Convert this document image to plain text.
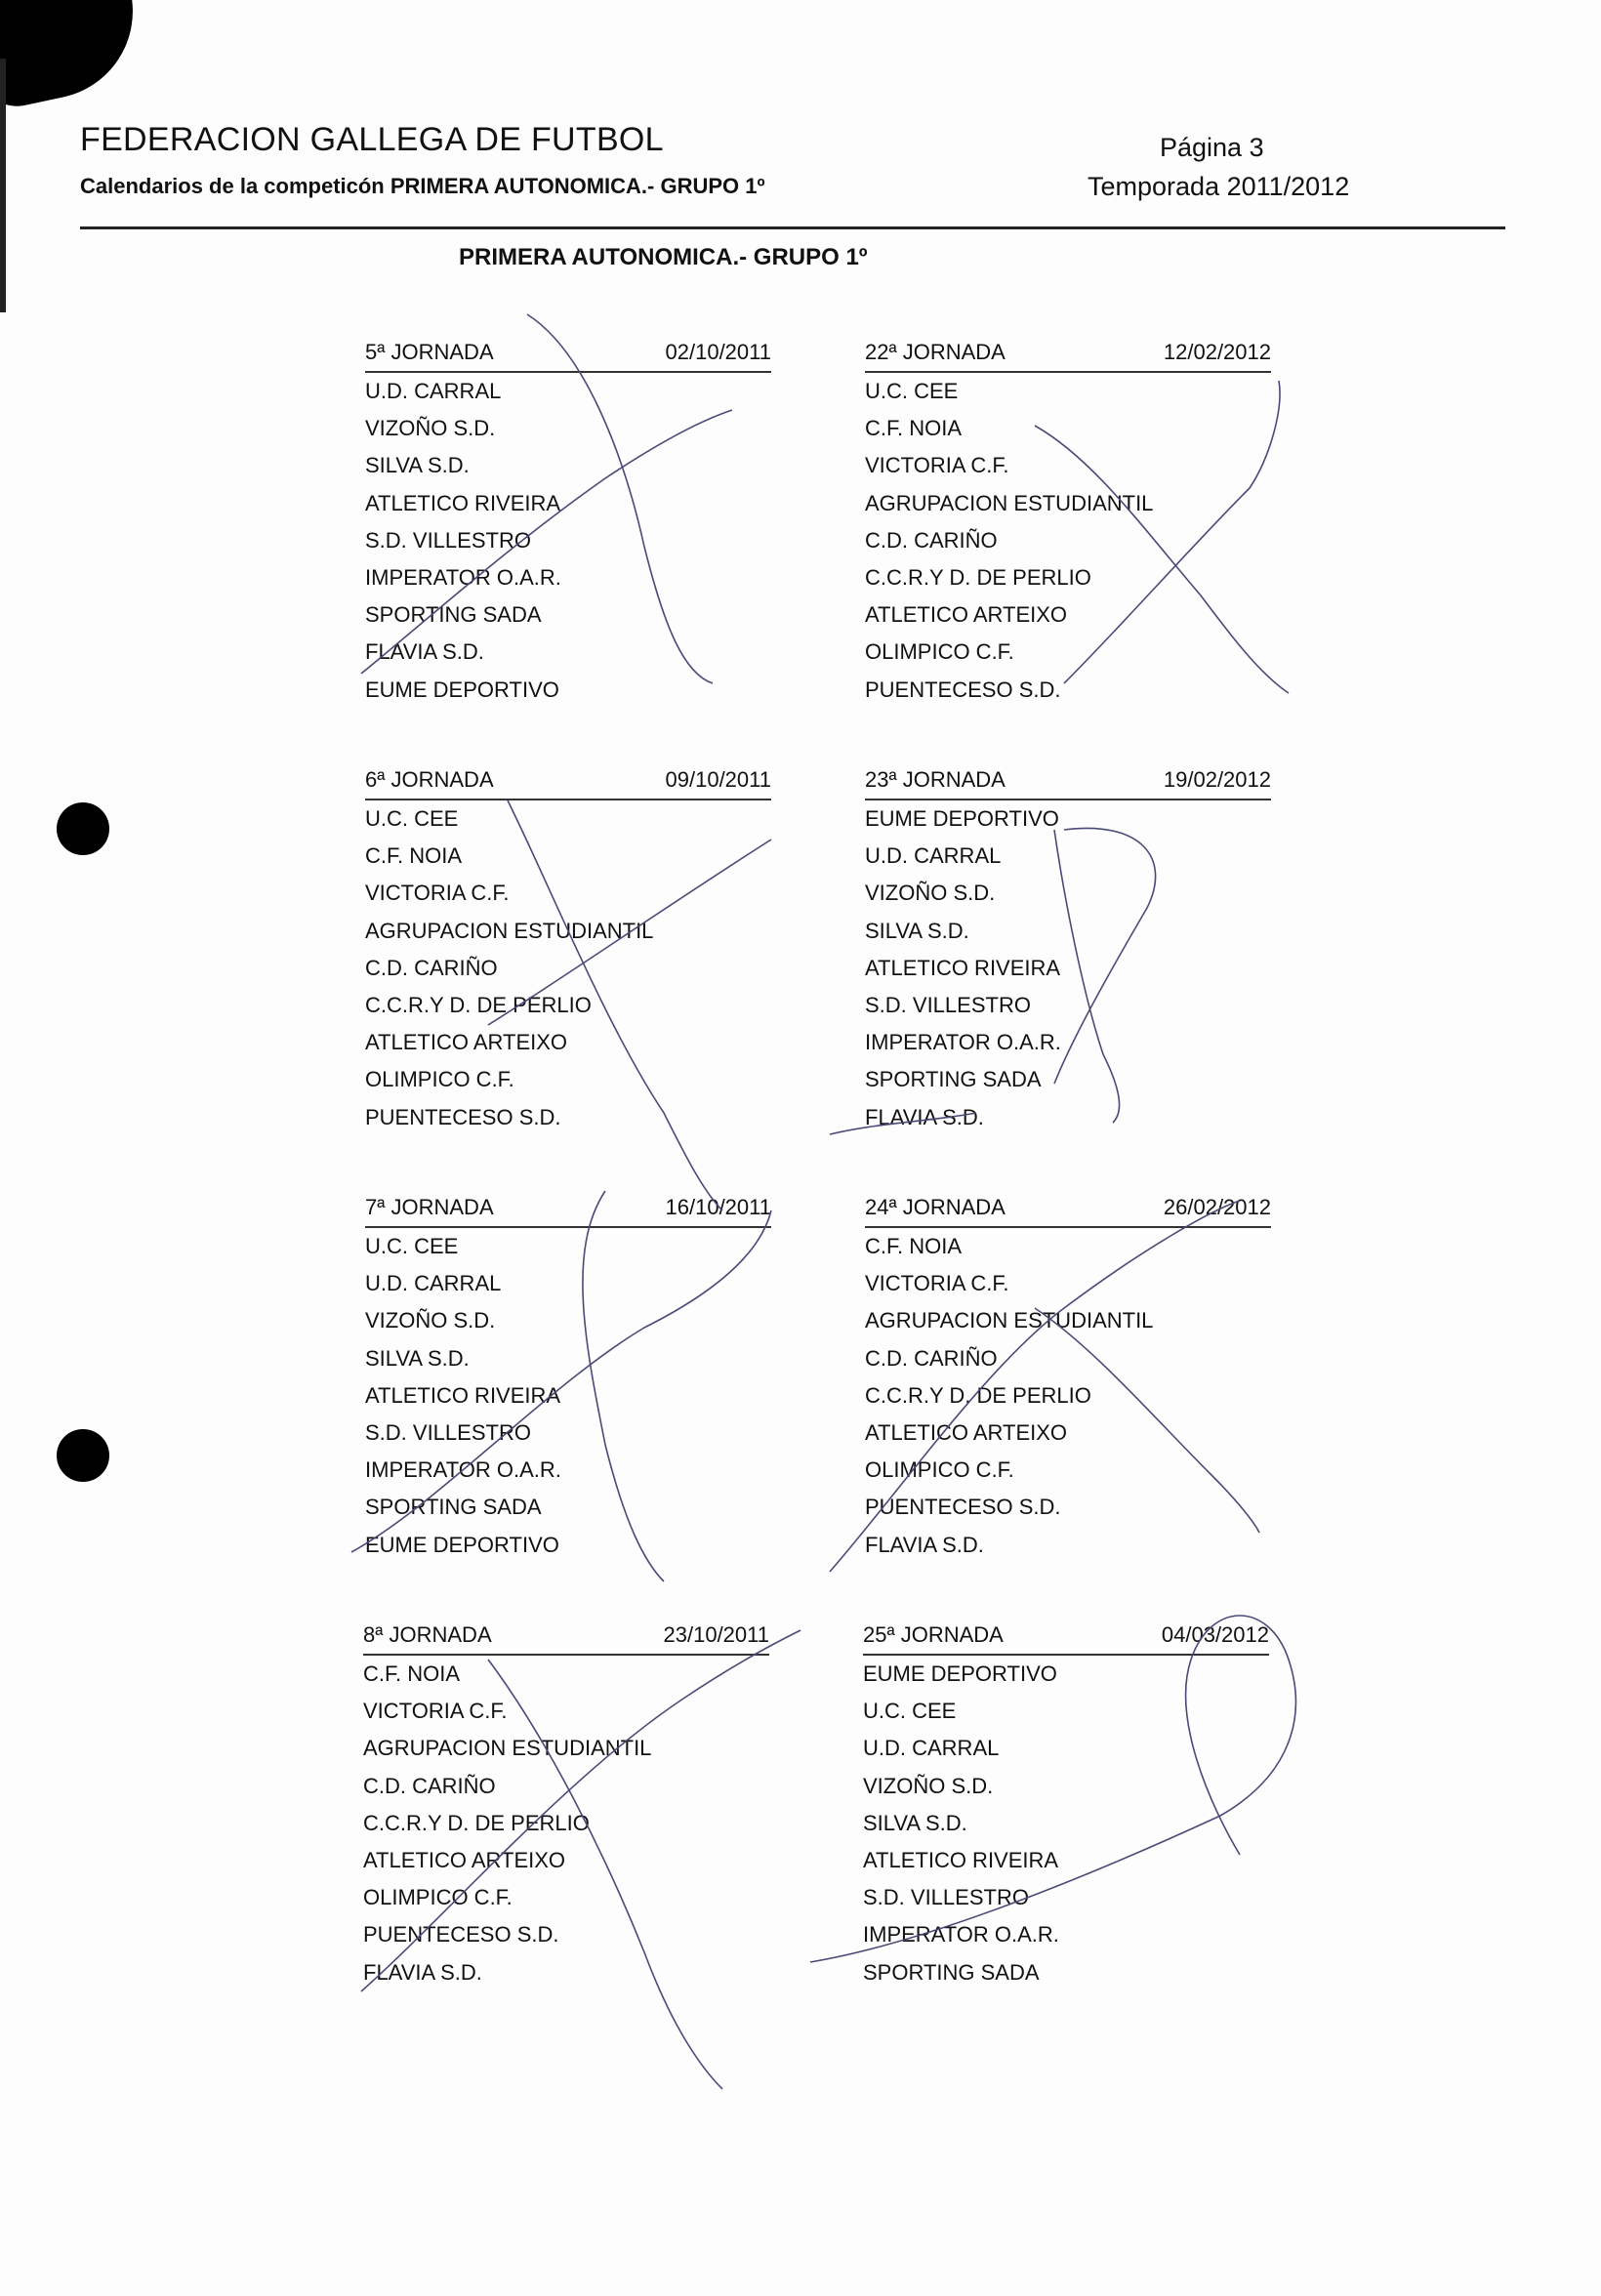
FEDERACION GALLEGA DE FUTBOL
Calendarios de la competicón PRIMERA AUTONOMICA.- GRUPO 1º
Página 3
Temporada 2011/2012
PRIMERA AUTONOMICA.- GRUPO 1º
5ª JORNADA	02/10/2011
U.D. CARRAL
VIZOÑO S.D.
SILVA S.D.
ATLETICO RIVEIRA
S.D. VILLESTRO
IMPERATOR O.A.R.
SPORTING SADA
FLAVIA S.D.
EUME DEPORTIVO
22ª JORNADA	12/02/2012
U.C. CEE
C.F. NOIA
VICTORIA C.F.
AGRUPACION ESTUDIANTIL
C.D. CARIÑO
C.C.R.Y D. DE PERLIO
ATLETICO ARTEIXO
OLIMPICO C.F.
PUENTECESO S.D.
6ª JORNADA	09/10/2011
U.C. CEE
C.F. NOIA
VICTORIA C.F.
AGRUPACION ESTUDIANTIL
C.D. CARIÑO
C.C.R.Y D. DE PERLIO
ATLETICO ARTEIXO
OLIMPICO C.F.
PUENTECESO S.D.
23ª JORNADA	19/02/2012
EUME DEPORTIVO
U.D. CARRAL
VIZOÑO S.D.
SILVA S.D.
ATLETICO RIVEIRA
S.D. VILLESTRO
IMPERATOR O.A.R.
SPORTING SADA
FLAVIA S.D.
7ª JORNADA	16/10/2011
U.C. CEE
U.D. CARRAL
VIZOÑO S.D.
SILVA S.D.
ATLETICO RIVEIRA
S.D. VILLESTRO
IMPERATOR O.A.R.
SPORTING SADA
EUME DEPORTIVO
24ª JORNADA	26/02/2012
C.F. NOIA
VICTORIA C.F.
AGRUPACION ESTUDIANTIL
C.D. CARIÑO
C.C.R.Y D. DE PERLIO
ATLETICO ARTEIXO
OLIMPICO C.F.
PUENTECESO S.D.
FLAVIA S.D.
8ª JORNADA	23/10/2011
C.F. NOIA
VICTORIA C.F.
AGRUPACION ESTUDIANTIL
C.D. CARIÑO
C.C.R.Y D. DE PERLIO
ATLETICO ARTEIXO
OLIMPICO C.F.
PUENTECESO S.D.
FLAVIA S.D.
25ª JORNADA	04/03/2012
EUME DEPORTIVO
U.C. CEE
U.D. CARRAL
VIZOÑO S.D.
SILVA S.D.
ATLETICO RIVEIRA
S.D. VILLESTRO
IMPERATOR O.A.R.
SPORTING SADA
